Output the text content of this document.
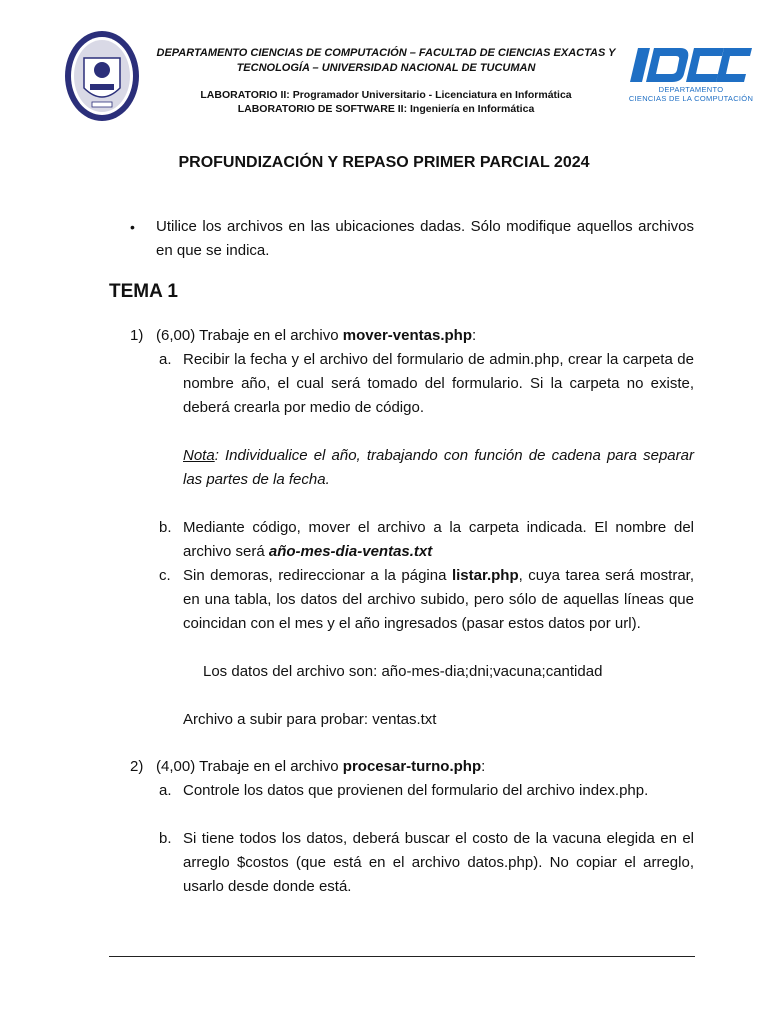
DEPARTAMENTO CIENCIAS DE COMPUTACIÓN – FACULTAD DE CIENCIAS EXACTAS Y
TECNOLOGÍA – UNIVERSIDAD NACIONAL DE TUCUMAN
LABORATORIO II: Programador Universitario - Licenciatura en Informática
LABORATORIO DE SOFTWARE II: Ingeniería en Informática
DEPARTAMENTO
CIENCIAS DE LA COMPUTACIÓN
PROFUNDIZACIÓN Y REPASO PRIMER PARCIAL 2024
• Utilice los archivos en las ubicaciones dadas. Sólo modifique aquellos archivos en que se indica.
TEMA 1
1) (6,00) Trabaje en el archivo mover-ventas.php:
a. Recibir la fecha y el archivo del formulario de admin.php, crear la carpeta de nombre año, el cual será tomado del formulario. Si la carpeta no existe, deberá crearla por medio de código.
Nota: Individualice el año, trabajando con función de cadena para separar las partes de la fecha.
b. Mediante código, mover el archivo a la carpeta indicada. El nombre del archivo será año-mes-dia-ventas.txt
c. Sin demoras, redireccionar a la página listar.php, cuya tarea será mostrar, en una tabla, los datos del archivo subido, pero sólo de aquellas líneas que coincidan con el mes y el año ingresados (pasar estos datos por url).
Los datos del archivo son: año-mes-dia;dni;vacuna;cantidad
Archivo a subir para probar: ventas.txt
2) (4,00) Trabaje en el archivo procesar-turno.php:
a. Controle los datos que provienen del formulario del archivo index.php.
b. Si tiene todos los datos, deberá buscar el costo de la vacuna elegida en el arreglo $costos (que está en el archivo datos.php). No copiar el arreglo, usarlo desde donde está.
